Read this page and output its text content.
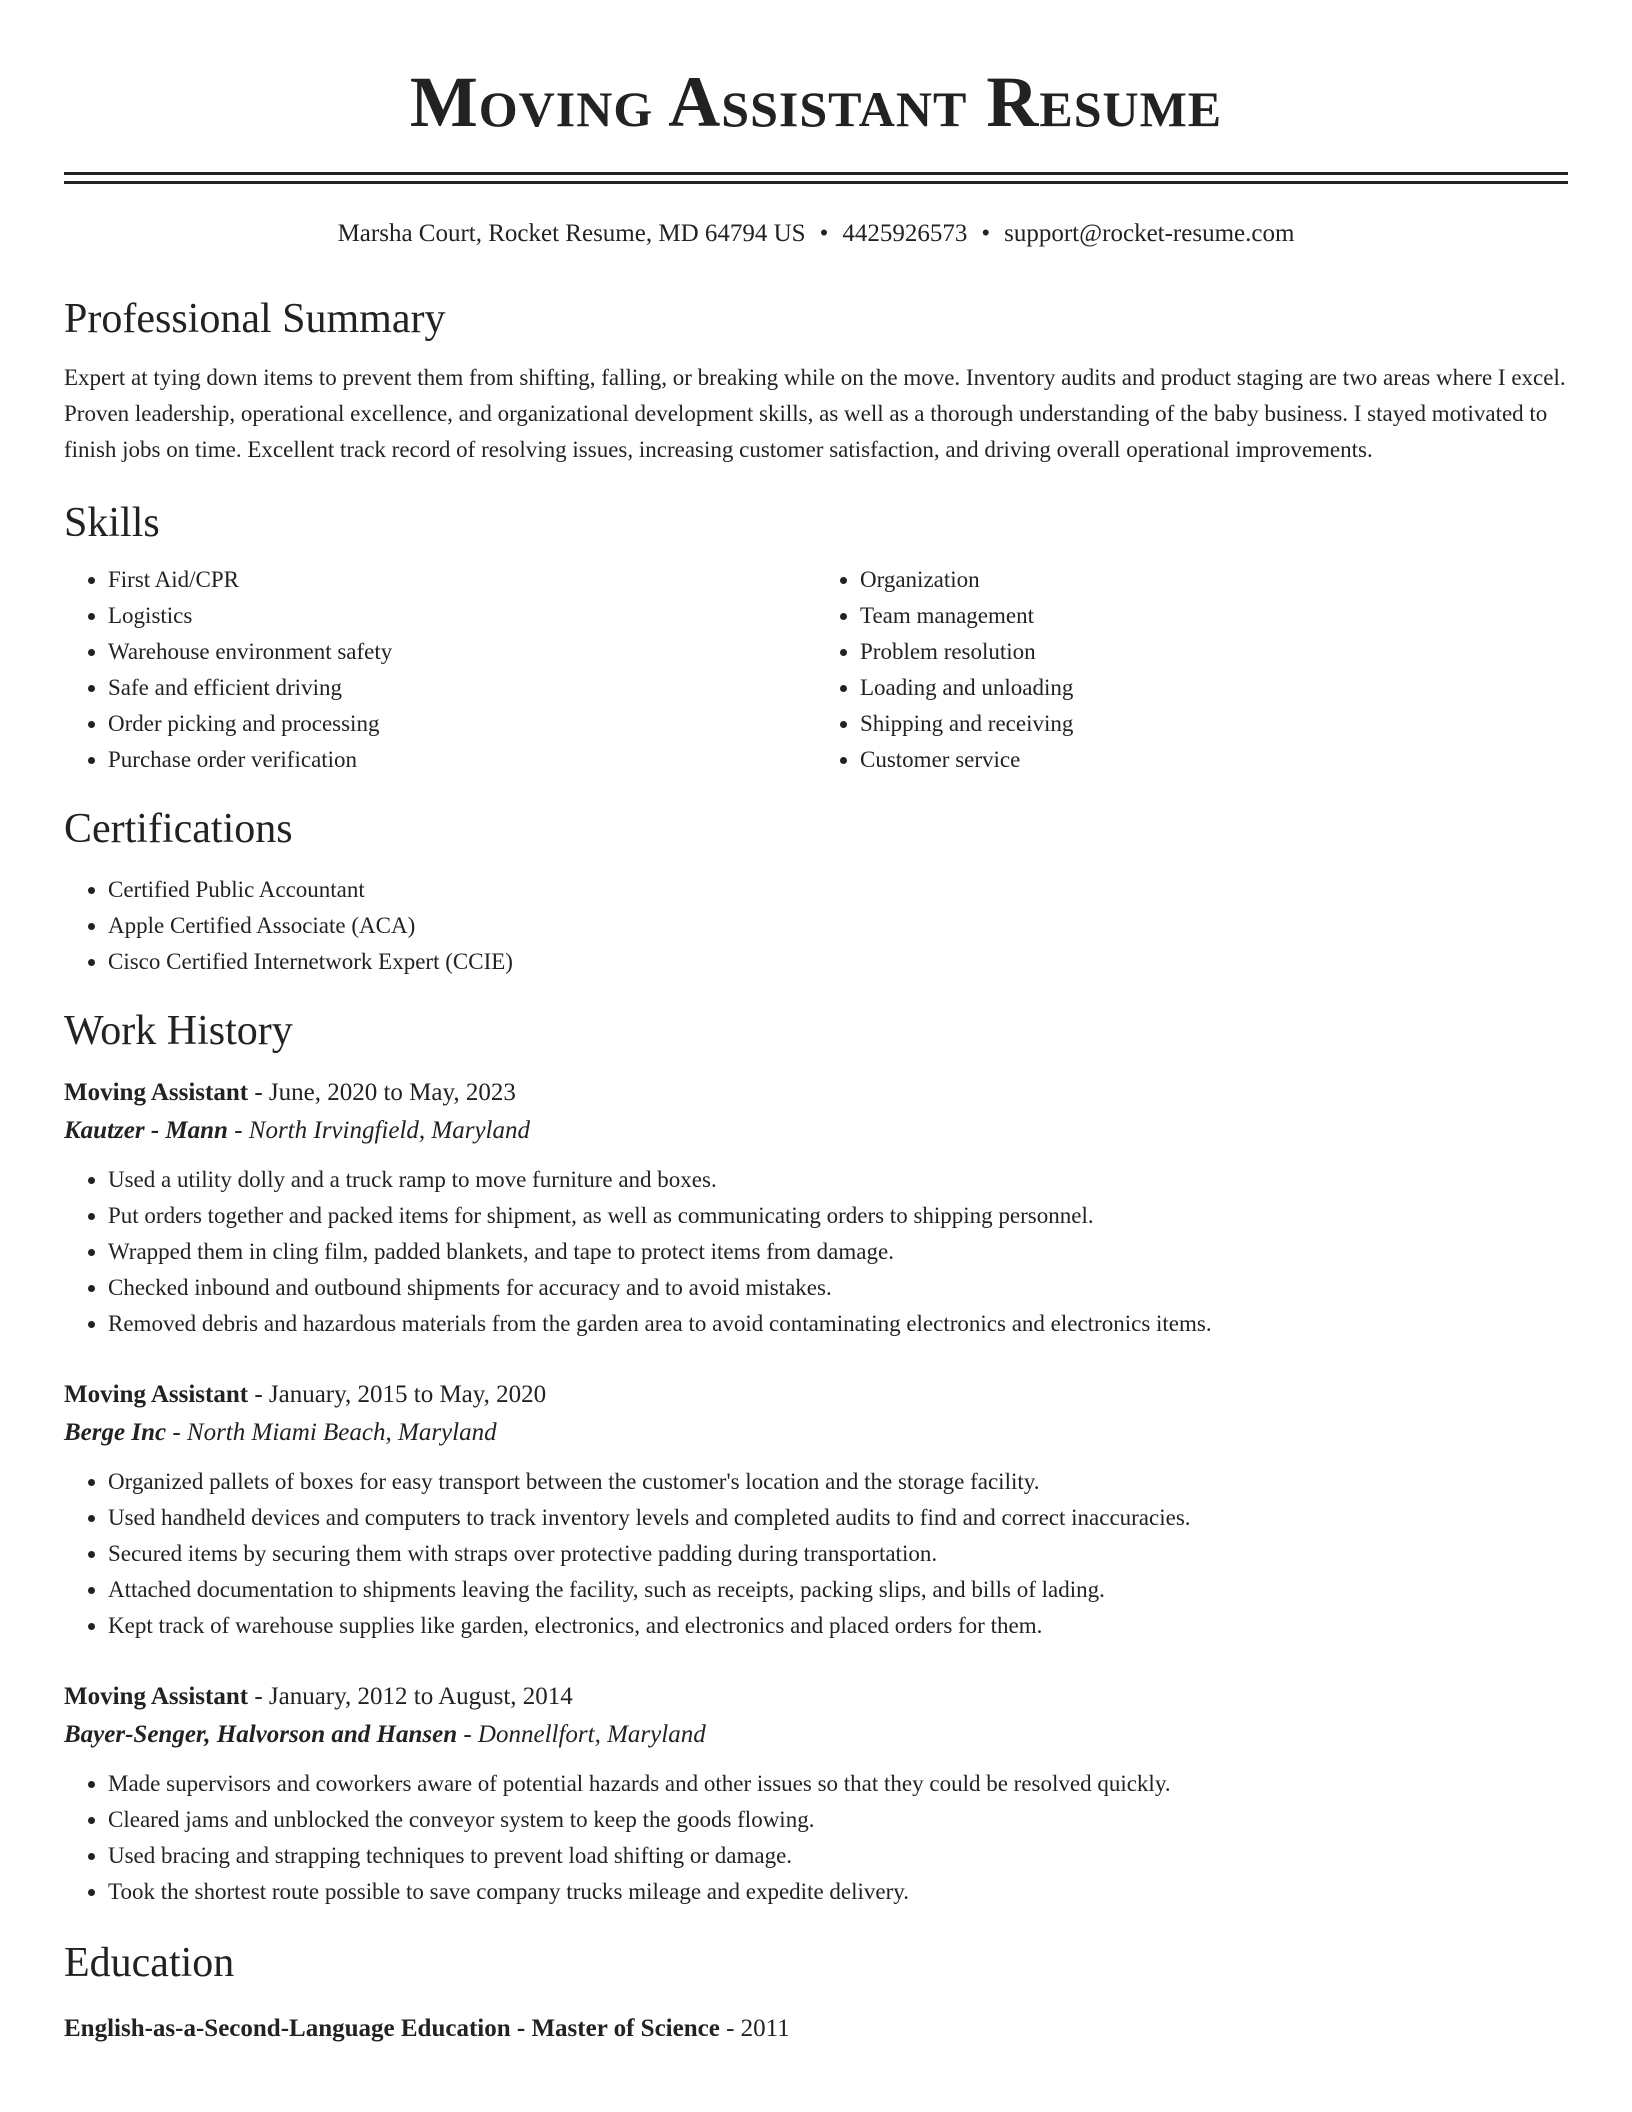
Moving Assistant Resume
Marsha Court, Rocket Resume, MD 64794 US • 4425926573 • support@rocket-resume.com
Professional Summary
Expert at tying down items to prevent them from shifting, falling, or breaking while on the move. Inventory audits and product staging are two areas where I excel. Proven leadership, operational excellence, and organizational development skills, as well as a thorough understanding of the baby business. I stayed motivated to finish jobs on time. Excellent track record of resolving issues, increasing customer satisfaction, and driving overall operational improvements.
Skills
• First Aid/CPR
• Logistics
• Warehouse environment safety
• Safe and efficient driving
• Order picking and processing
• Purchase order verification
• Organization
• Team management
• Problem resolution
• Loading and unloading
• Shipping and receiving
• Customer service
Certifications
• Certified Public Accountant
• Apple Certified Associate (ACA)
• Cisco Certified Internetwork Expert (CCIE)
Work History
Moving Assistant - June, 2020 to May, 2023
Kautzer - Mann - North Irvingfield, Maryland
• Used a utility dolly and a truck ramp to move furniture and boxes.
• Put orders together and packed items for shipment, as well as communicating orders to shipping personnel.
• Wrapped them in cling film, padded blankets, and tape to protect items from damage.
• Checked inbound and outbound shipments for accuracy and to avoid mistakes.
• Removed debris and hazardous materials from the garden area to avoid contaminating electronics and electronics items.
Moving Assistant - January, 2015 to May, 2020
Berge Inc - North Miami Beach, Maryland
• Organized pallets of boxes for easy transport between the customer's location and the storage facility.
• Used handheld devices and computers to track inventory levels and completed audits to find and correct inaccuracies.
• Secured items by securing them with straps over protective padding during transportation.
• Attached documentation to shipments leaving the facility, such as receipts, packing slips, and bills of lading.
• Kept track of warehouse supplies like garden, electronics, and electronics and placed orders for them.
Moving Assistant - January, 2012 to August, 2014
Bayer-Senger, Halvorson and Hansen - Donnellfort, Maryland
• Made supervisors and coworkers aware of potential hazards and other issues so that they could be resolved quickly.
• Cleared jams and unblocked the conveyor system to keep the goods flowing.
• Used bracing and strapping techniques to prevent load shifting or damage.
• Took the shortest route possible to save company trucks mileage and expedite delivery.
Education
English-as-a-Second-Language Education - Master of Science - 2011
